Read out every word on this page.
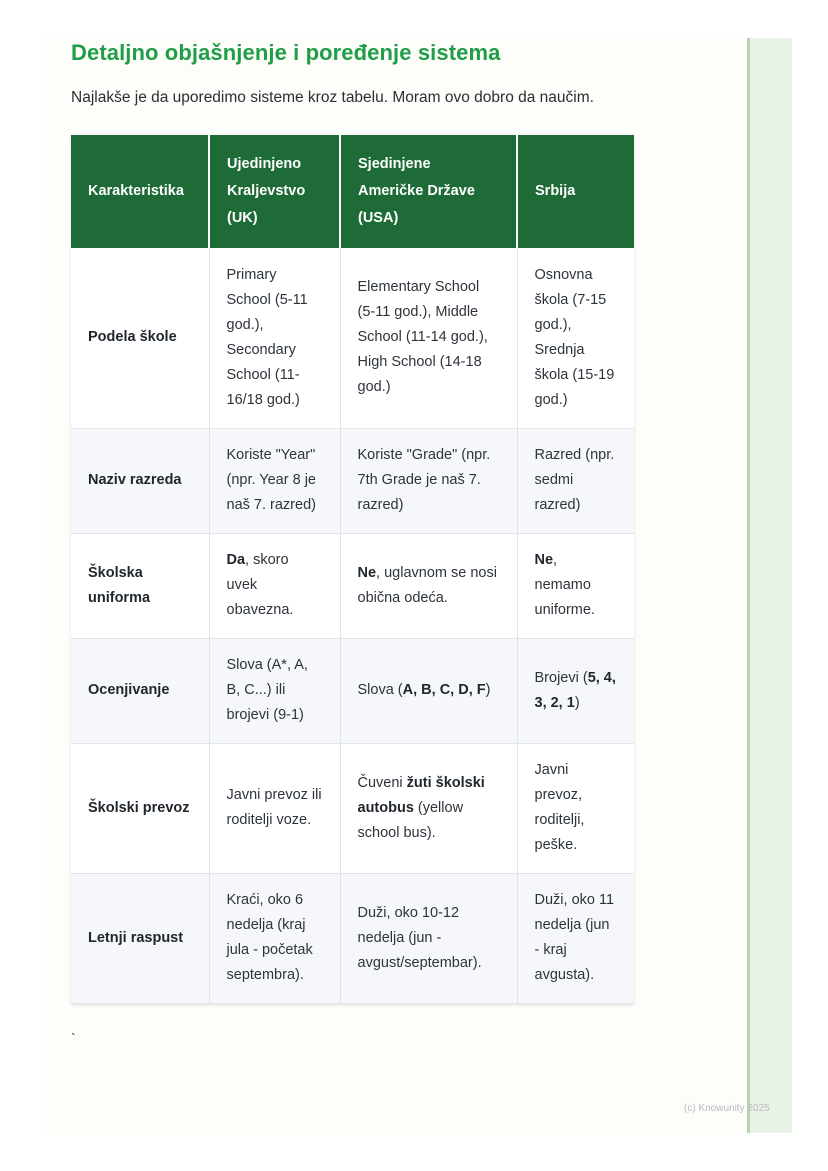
Detaljno objašnjenje i poređenje sistema

Najlakše je da uporedimo sisteme kroz tabelu. Moram ovo dobro da naučim.

Karakteristika	Ujedinjeno Kraljevstvo (UK)	Sjedinjene Američke Države (USA)	Srbija
Podela škole	Primary School (5-11 god.), Secondary School (11-16/18 god.)	Elementary School (5-11 god.), Middle School (11-14 god.), High School (14-18 god.)	Osnovna škola (7-15 god.), Srednja škola (15-19 god.)
Naziv razreda	Koriste "Year" (npr. Year 8 je naš 7. razred)	Koriste "Grade" (npr. 7th Grade je naš 7. razred)	Razred (npr. sedmi razred)
Školska uniforma	Da, skoro uvek obavezna.	Ne, uglavnom se nosi obična odeća.	Ne, nemamo uniforme.
Ocenjivanje	Slova (A*, A, B, C...) ili brojevi (9-1)	Slova (A, B, C, D, F)	Brojevi (5, 4, 3, 2, 1)
Školski prevoz	Javni prevoz ili roditelji voze.	Čuveni žuti školski autobus (yellow school bus).	Javni prevoz, roditelji, peške.
Letnji raspust	Kraći, oko 6 nedelja (kraj jula - početak septembra).	Duži, oko 10-12 nedelja (jun - avgust/septembar).	Duži, oko 11 nedelja (jun - kraj avgusta).
`
(c) Knowunity 2025
